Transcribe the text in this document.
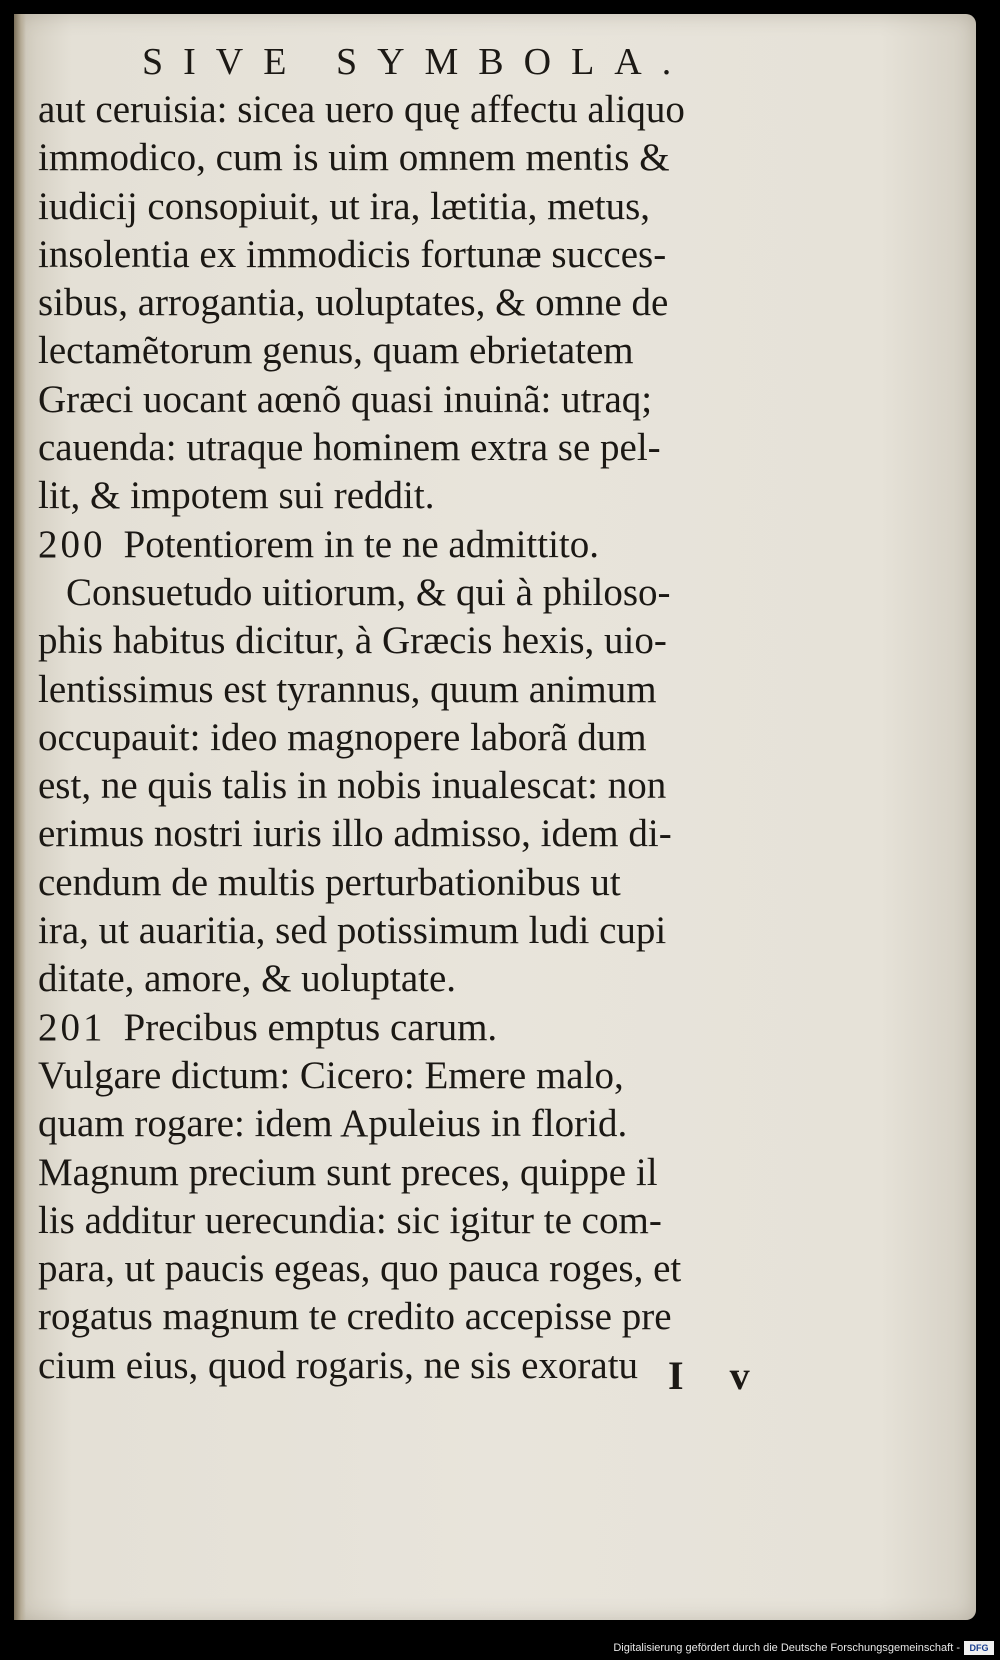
SIVE SYMBOLA.
aut ceruisia: sicea uero quę affectu aliquo
immodico, cum is uim omnem mentis &
iudicij consopiuit, ut ira, lætitia, metus,
insolentia ex immodicis fortunæ succes-
sibus, arrogantia, uoluptates, & omne de
lectamẽtorum genus, quam ebrietatem
Græci uocant aœnõ quasi inuinã: utraq;
cauenda: utraque hominem extra se pel-
lit, & impotem sui reddit.
200 Potentiorem in te ne admittito.
Consuetudo uitiorum, & qui à philoso-
phis habitus dicitur, à Græcis hexis, uio-
lentissimus est tyrannus, quum animum
occupauit: ideo magnopere laborã dum
est, ne quis talis in nobis inualescat: non
erimus nostri iuris illo admisso, idem di-
cendum de multis perturbationibus ut
ira, ut auaritia, sed potissimum ludi cupi
ditate, amore, & uoluptate.
201 Precibus emptus carum.
Vulgare dictum: Cicero: Emere malo,
quam rogare: idem Apuleius in florid.
Magnum precium sunt preces, quippe il
lis additur uerecundia: sic igitur te com-
para, ut paucis egeas, quo pauca roges, et
rogatus magnum te credito accepisse pre
cium eius, quod rogaris, ne sis exoratu I v
Digitalisierung gefördert durch die Deutsche Forschungsgemeinschaft -	DFG
